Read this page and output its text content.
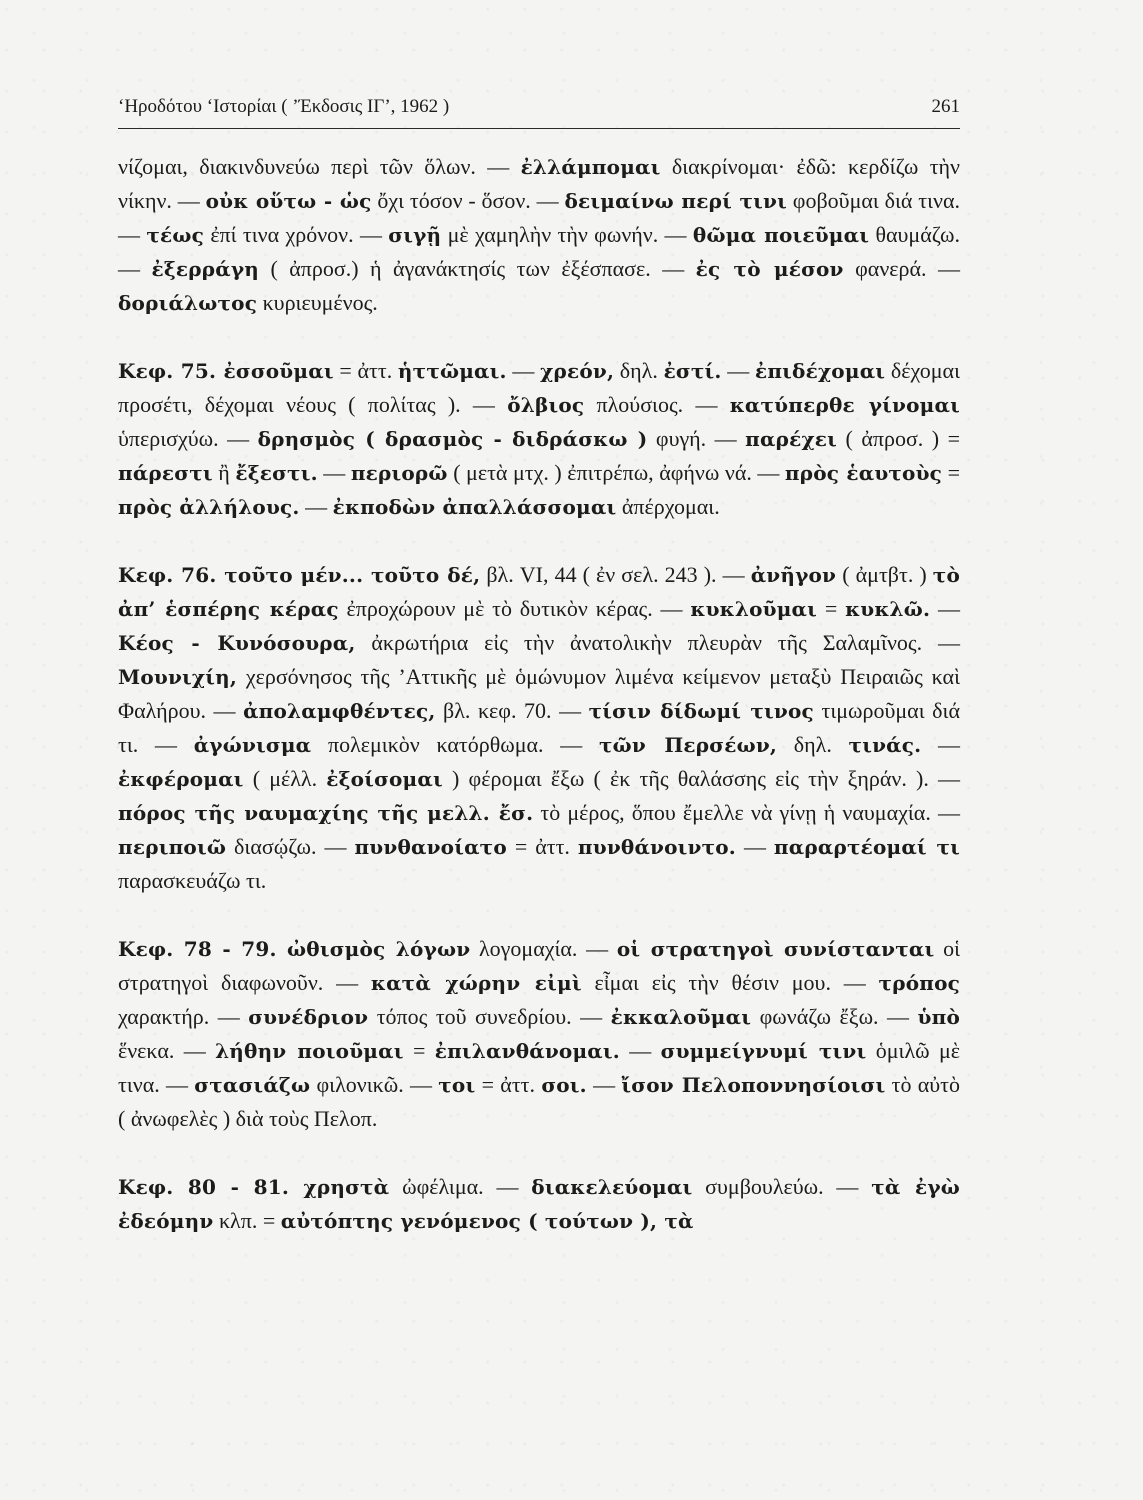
‘Ηροδότου ‘Ιστορίαι ( ’Έκδοσις ΙΓ’, 1962 )	261

νίζομαι, διακινδυνεύω περὶ τῶν ὅλων. — ἐλλάμπομαι διακρίνομαι· ἐδῶ: κερδίζω τὴν νίκην. — οὐκ οὕτω - ὡς ὄχι τόσον - ὅσον. — δειμαίνω περί τινι φοβοῦμαι διά τινα. — τέως ἐπί τινα χρόνον. — σιγῇ μὲ χαμηλὴν τὴν φωνήν. — θῶμα ποιεῦμαι θαυμάζω. — ἐξερράγη ( ἀπροσ.) ἡ ἀγανάκτησίς των ἐξέσπασε. — ἐς τὸ μέσον φανερά. — δοριάλωτος κυριευμένος.

Κεφ. 75. ἐσσοῦμαι = ἀττ. ἡττῶμαι. — χρεόν, δηλ. ἐστί. — ἐπιδέχομαι δέχομαι προσέτι, δέχομαι νέους ( πολίτας ). — ὄλβιος πλούσιος. — κατύπερθε γίνομαι ὑπερισχύω. — δρησμὸς ( δρασμὸς - διδράσκω ) φυγή. — παρέχει ( ἀπροσ. ) = πάρεστι ἢ ἔξεστι. — περιορῶ ( μετὰ μτχ. ) ἐπιτρέπω, ἀφήνω νά. — πρὸς ἑαυτοὺς = πρὸς ἀλλήλους. — ἐκποδὼν ἀπαλλάσσομαι ἀπέρχομαι.

Κεφ. 76. τοῦτο μέν... τοῦτο δέ, βλ. VI, 44 ( ἐν σελ. 243 ). — ἀνῆγον ( ἀμτβτ. ) τὸ ἀπ’ ἑσπέρης κέρας ἐπροχώρουν μὲ τὸ δυτικὸν κέρας. — κυκλοῦμαι = κυκλῶ. — Κέος - Κυνόσουρα, ἀκρωτήρια εἰς τὴν ἀνατολικὴν πλευρὰν τῆς Σαλαμῖνος. — Μουνιχίη, χερσόνησος τῆς ’Αττικῆς μὲ ὁμώνυμον λιμένα κείμενον μεταξὺ Πειραιῶς καὶ Φαλήρου. — ἀπολαμφθέντες, βλ. κεφ. 70. — τίσιν δίδωμί τινος τιμωροῦμαι διά τι. — ἀγώνισμα πολεμικὸν κατόρθωμα. — τῶν Περσέων, δηλ. τινάς. — ἐκφέρομαι ( μέλλ. ἐξοίσομαι ) φέρομαι ἔξω ( ἐκ τῆς θαλάσσης εἰς τὴν ξηράν. ). — πόρος τῆς ναυμαχίης τῆς μελλ. ἔσ. τὸ μέρος, ὅπου ἔμελλε νὰ γίνῃ ἡ ναυμαχία. — περιποιῶ διασῴζω. — πυνθανοίατο = ἀττ. πυνθάνοιντο. — παραρτέομαί τι παρασκευάζω τι.

Κεφ. 78 - 79. ὠθισμὸς λόγων λογομαχία. — οἱ στρατηγοὶ συνίστανται οἱ στρατηγοὶ διαφωνοῦν. — κατὰ χώρην εἰμὶ εἶμαι εἰς τὴν θέσιν μου. — τρόπος χαρακτήρ. — συνέδριον τόπος τοῦ συνεδρίου. — ἐκκαλοῦμαι φωνάζω ἔξω. — ὑπὸ ἕνεκα. — λήθην ποιοῦμαι = ἐπιλανθάνομαι. — συμμείγνυμί τινι ὁμιλῶ μὲ τινα. — στασιάζω φιλονικῶ. — τοι = ἀττ. σοι. — ἴσον Πελοποννησίοισι τὸ αὐτὸ ( ἀνωφελὲς ) διὰ τοὺς Πελοπ.

Κεφ. 80 - 81. χρηστὰ ὠφέλιμα. — διακελεύομαι συμβουλεύω. — τὰ ἐγὼ ἐδεόμην κλπ. = αὐτόπτης γενόμενος ( τούτων ), τὰ
